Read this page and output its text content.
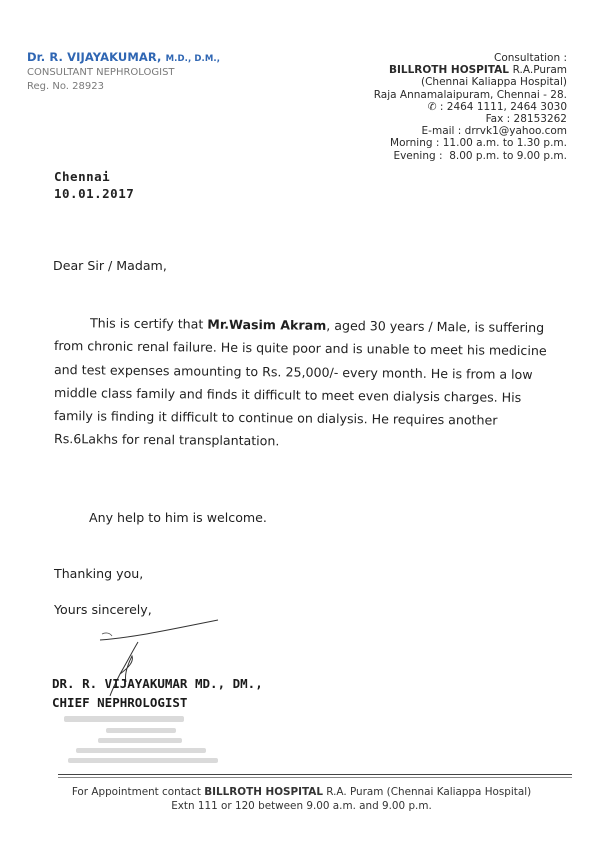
Dr. R. VIJAYAKUMAR, M.D., D.M.,
CONSULTANT NEPHROLOGIST
Reg. No. 28923
Consultation :
BILLROTH HOSPITAL R.A.Puram
(Chennai Kaliappa Hospital)
Raja Annamalaipuram, Chennai - 28.
✆ : 2464 1111, 2464 3030
Fax : 28153262
E-mail : drrvk1@yahoo.com
Morning : 11.00 a.m. to 1.30 p.m.
Evening :  8.00 p.m. to 9.00 p.m.
Chennai
10.01.2017
Dear Sir / Madam,
This is certify that Mr.Wasim Akram, aged 30 years / Male, is suffering
from chronic renal failure. He is quite poor and is unable to meet his medicine
and test expenses amounting to Rs. 25,000/- every month. He is from a low
middle class family and finds it difficult to meet even dialysis charges. His
family is finding it difficult to continue on dialysis. He requires another
Rs.6Lakhs for renal transplantation.
Any help to him is welcome.
Thanking you,
Yours sincerely,
DR. R. VIJAYAKUMAR MD., DM.,
CHIEF NEPHROLOGIST
For Appointment contact BILLROTH HOSPITAL R.A. Puram (Chennai Kaliappa Hospital)
Extn 111 or 120 between 9.00 a.m. and 9.00 p.m.
